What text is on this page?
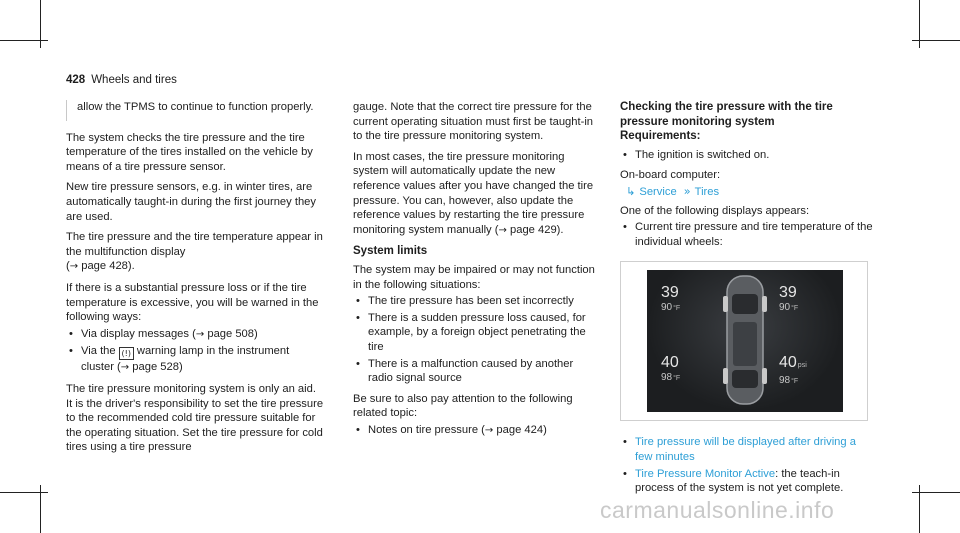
428 Wheels and tires
allow the TPMS to continue to function properly.

The system checks the tire pressure and the tire temperature of the tires installed on the vehicle by means of a tire pressure sensor.

New tire pressure sensors, e.g. in winter tires, are automatically taught-in during the first journey they are used.

The tire pressure and the tire temperature appear in the multifunction display
(→ page 428).

If there is a substantial pressure loss or if the tire temperature is excessive, you will be warned in the following ways:

• Via display messages (→ page 508)
• Via the (!) warning lamp in the instrument cluster (→ page 528)

The tire pressure monitoring system is only an aid. It is the driver's responsibility to set the tire pressure to the recommended cold tire pressure suitable for the operating situation. Set the tire pressure for cold tires using a tire pressure

gauge. Note that the correct tire pressure for the current operating situation must first be taught-in to the tire pressure monitoring system.

In most cases, the tire pressure monitoring system will automatically update the new reference values after you have changed the tire pressure. You can, however, also update the reference values by restarting the tire pressure monitoring system manually (→ page 429).

System limits

The system may be impaired or may not function in the following situations:

• The tire pressure has been set incorrectly
• There is a sudden pressure loss caused, for example, by a foreign object penetrating the tire
• There is a malfunction caused by another radio signal source

Be sure to also pay attention to the following related topic:

• Notes on tire pressure (→ page 424)
Checking the tire pressure with the tire pressure monitoring system
Requirements:
• The ignition is switched on.

On-board computer:

↳ Service » Tires

One of the following displays appears:

• Current tire pressure and tire temperature of the individual wheels:
39
90°F
39
90°F
40
98°F
40psi
98°F
• Tire pressure will be displayed after driving a few minutes
• Tire Pressure Monitor Active: the teach-in process of the system is not yet complete.
carmanualsonline.info
